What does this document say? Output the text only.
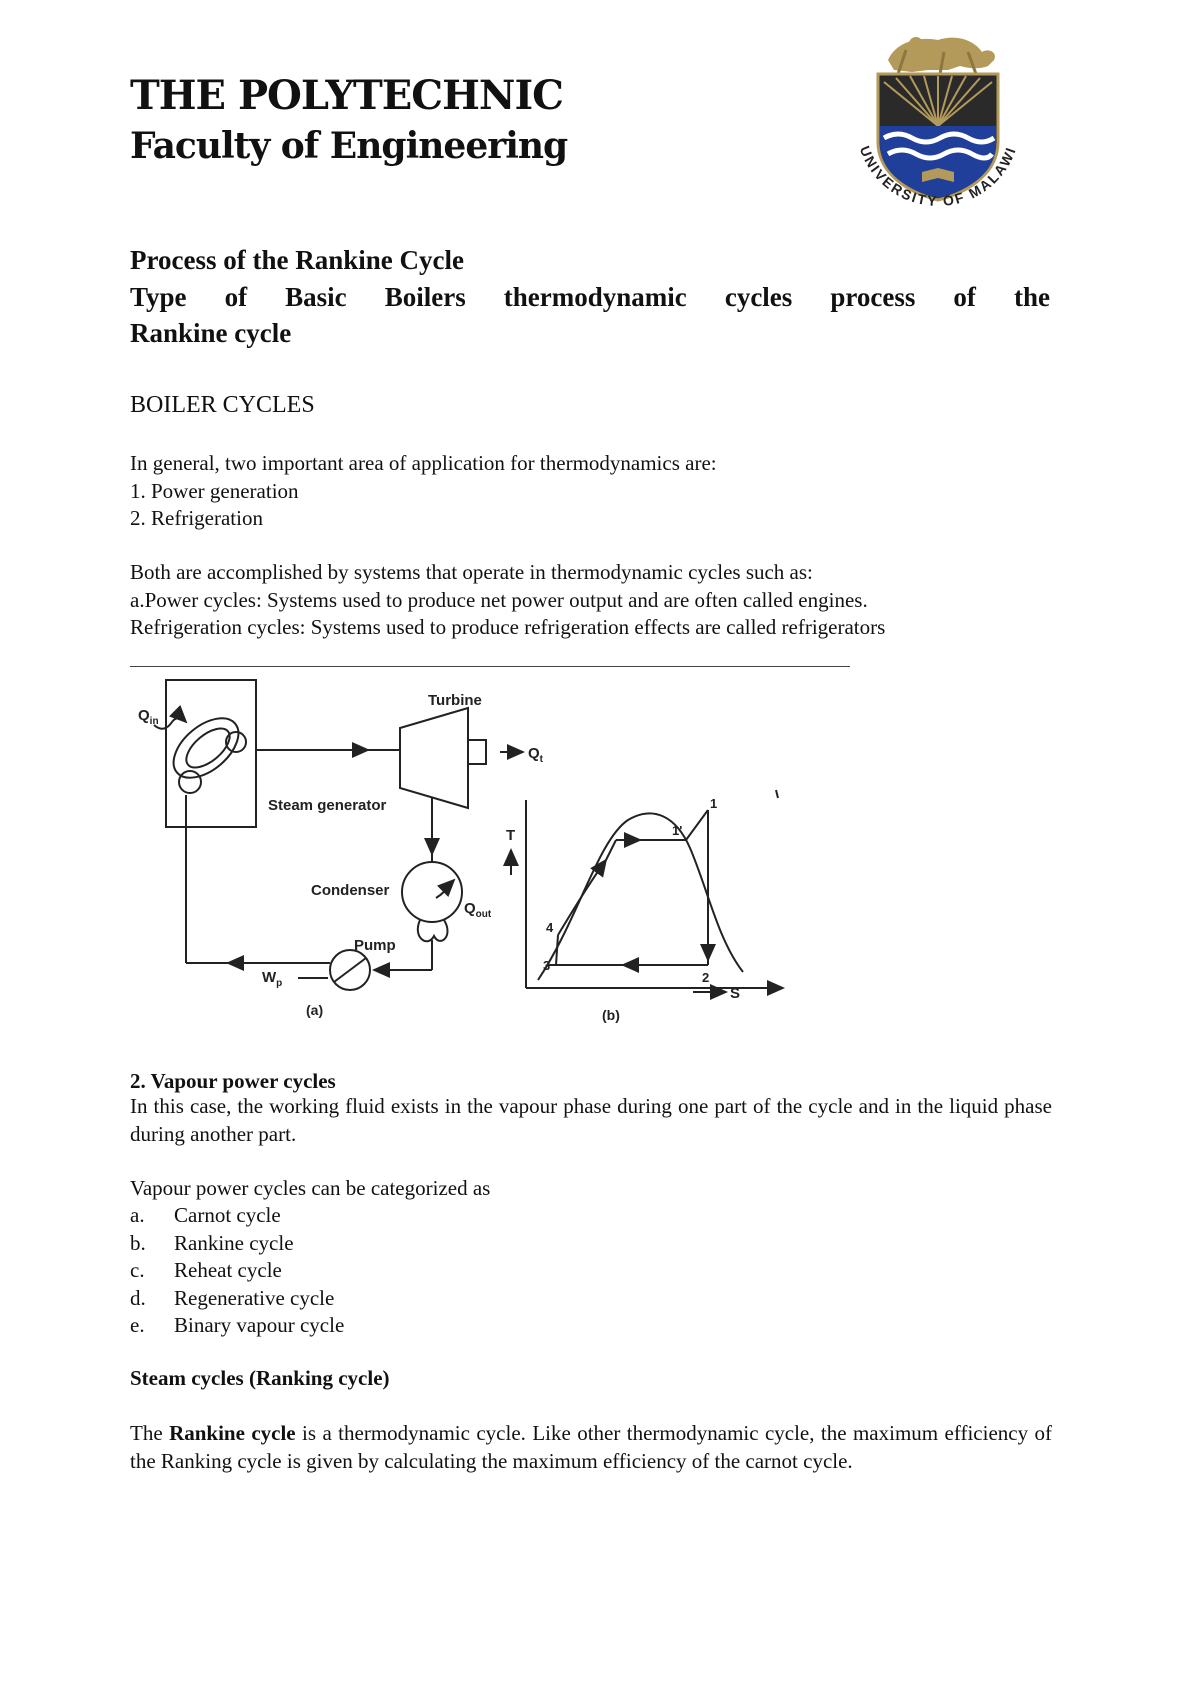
THE POLYTECHNIC
Faculty of Engineering	UNIVERSITY OF MALAWI

Process of the Rankine Cycle

Type of Basic Boilers thermodynamic cycles process of the

Rankine cycle

BOILER CYCLES

In general, two important area of application for thermodynamics are:
1. Power generation
2. Refrigeration
Both are accomplished by systems that operate in thermodynamic cycles such as:
a.Power cycles: Systems used to produce net power output and are often called engines.
Refrigeration cycles: Systems used to produce refrigeration effects are called refrigerators
$Q_{in}$
Turbine
$Q_t$
Steam generator
Condenser
$Q_{out}$
Pump
$W_p$
(a)
T
S
1
1'
2
3
4
(b)

2. Vapour power cycles

In this case, the working fluid exists in the vapour phase during one part of the cycle and in the liquid phase during another part.

Vapour power cycles can be categorized as

a.	Carnot cycle
b.	Rankine cycle
c.	Reheat cycle
d.	Regenerative cycle
e.	Binary vapour cycle

Steam cycles (Ranking cycle)

The Rankine cycle is a thermodynamic cycle. Like other thermodynamic cycle, the maximum efficiency of the Ranking cycle is given by calculating the maximum efficiency of the carnot cycle.
